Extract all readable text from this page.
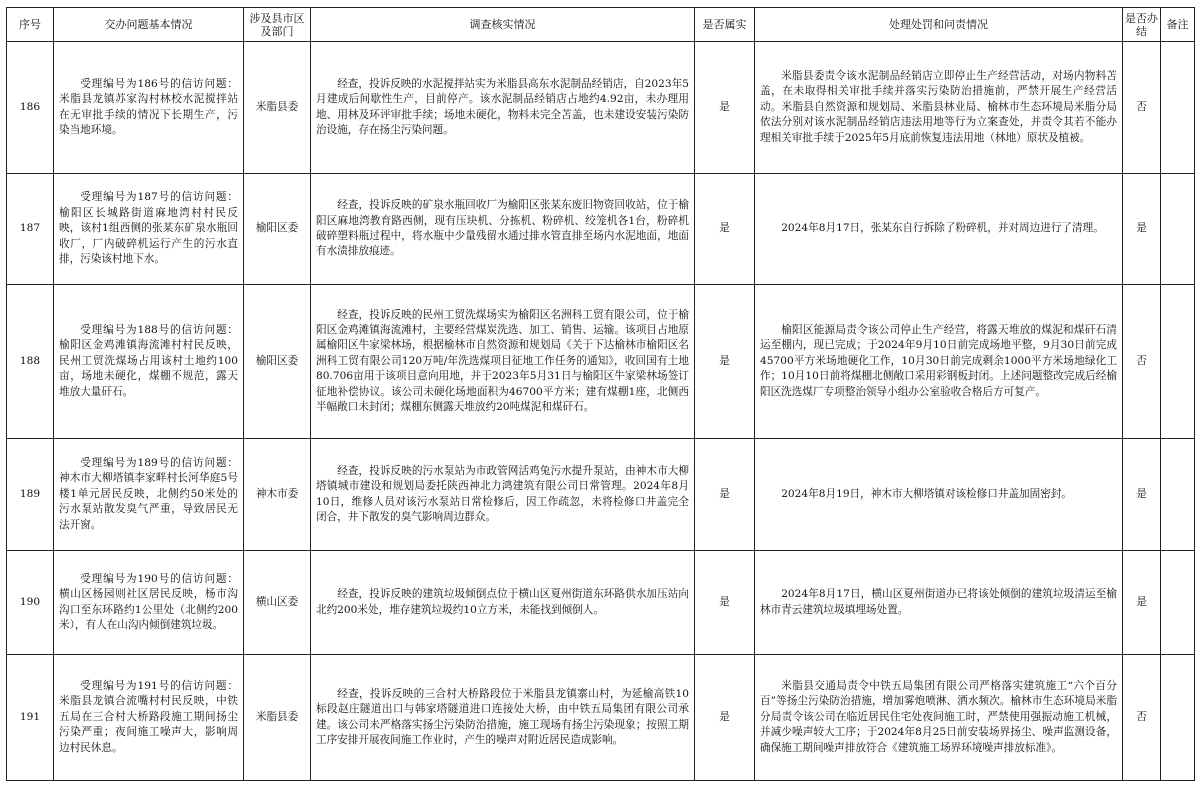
序号	交办问题基本情况	涉及县市区及部门	调查核实情况	是否属实	处理处罚和问责情况	是否办结	备注
186	受理编号为186号的信访问题：米脂县龙镇苏家沟村林校水泥搅拌站在无审批手续的情况下长期生产，污染当地环境。	米脂县委	经查，投诉反映的水泥搅拌站实为米脂县高东水泥制品经销店，自2023年5月建成后间歇性生产，目前停产。该水泥制品经销店占地约4.92亩，未办理用地、用林及环评审批手续；场地未硬化，物料未完全苫盖，也未建设安装污染防治设施，存在扬尘污染问题。	是	米脂县委责令该水泥制品经销店立即停止生产经营活动，对场内物料苫盖，在未取得相关审批手续并落实污染防治措施前，严禁开展生产经营活动。米脂县自然资源和规划局、米脂县林业局、榆林市生态环境局米脂分局依法分别对该水泥制品经销店违法用地等行为立案查处，并责令其若不能办理相关审批手续于2025年5月底前恢复违法用地（林地）原状及植被。	否	
187	受理编号为187号的信访问题：榆阳区长城路街道麻地湾村村民反映，该村1组西侧的张某东矿泉水瓶回收厂，厂内破碎机运行产生的污水直排，污染该村地下水。	榆阳区委	经查，投诉反映的矿泉水瓶回收厂为榆阳区张某东废旧物资回收站，位于榆阳区麻地湾教育路西侧，现有压块机、分拣机、粉碎机、绞笼机各1台，粉碎机破碎塑料瓶过程中，将水瓶中少量残留水通过排水管直排至场内水泥地面，地面有水渍排放痕迹。	是	2024年8月17日，张某东自行拆除了粉碎机，并对周边进行了清理。	是	
188	受理编号为188号的信访问题：榆阳区金鸡滩镇海流滩村村民反映，民州工贸洗煤场占用该村土地约100亩，场地未硬化，煤棚不规范，露天堆放大量矸石。	榆阳区委	经查，投诉反映的民州工贸洗煤场实为榆阳区名洲科工贸有限公司，位于榆阳区金鸡滩镇海流滩村，主要经营煤炭洗选、加工、销售、运输。该项目占地原属榆阳区牛家梁林场，根据榆林市自然资源和规划局《关于下达榆林市榆阳区名洲科工贸有限公司120万吨/年洗选煤项目征地工作任务的通知》，收回国有土地80.706亩用于该项目意向用地，并于2023年5月31日与榆阳区牛家梁林场签订征地补偿协议。该公司未硬化场地面积为46700平方米；建有煤棚1座，北侧西半幅敞口未封闭；煤棚东侧露天堆放约20吨煤泥和煤矸石。	是	榆阳区能源局责令该公司停止生产经营，将露天堆放的煤泥和煤矸石清运至棚内，现已完成；于2024年9月10日前完成场地平整，9月30日前完成45700平方米场地硬化工作，10月30日前完成剩余1000平方米场地绿化工作；10月10日前将煤棚北侧敞口采用彩钢板封闭。上述问题整改完成后经榆阳区洗选煤厂专项整治领导小组办公室验收合格后方可复产。	否	
189	受理编号为189号的信访问题：神木市大柳塔镇李家畔村长河华庭5号楼1单元居民反映，北侧约50米处的污水泵站散发臭气严重，导致居民无法开窗。	神木市委	经查，投诉反映的污水泵站为市政管网活鸡兔污水提升泵站，由神木市大柳塔镇城市建设和规划局委托陕西神北力鸿建筑有限公司日常管理。2024年8月10日，维修人员对该污水泵站日常检修后，因工作疏忽，未将检修口井盖完全闭合，井下散发的臭气影响周边群众。	是	2024年8月19日，神木市大柳塔镇对该检修口井盖加固密封。	是	
190	受理编号为190号的信访问题：横山区杨园则社区居民反映，杨市沟沟口至东环路约1公里处（北侧约200米），有人在山沟内倾倒建筑垃圾。	横山区委	经查，投诉反映的建筑垃圾倾倒点位于横山区夏州街道东环路供水加压站向北约200米处，堆存建筑垃圾约10立方米，未能找到倾倒人。	是	2024年8月17日，横山区夏州街道办已将该处倾倒的建筑垃圾清运至榆林市青云建筑垃圾填埋场处置。	是	
191	受理编号为191号的信访问题：米脂县龙镇合流嘴村村民反映，中铁五局在三合村大桥路段施工期间扬尘污染严重；夜间施工噪声大，影响周边村民休息。	米脂县委	经查，投诉反映的三合村大桥路段位于米脂县龙镇寨山村，为延榆高铁10标段赵庄隧道出口与韩家塔隧道进口连接处大桥，由中铁五局集团有限公司承建。该公司未严格落实扬尘污染防治措施，施工现场有扬尘污染现象；按照工期工序安排开展夜间施工作业时，产生的噪声对附近居民造成影响。	是	米脂县交通局责令中铁五局集团有限公司严格落实建筑施工“六个百分百”等扬尘污染防治措施，增加雾炮喷淋、洒水频次。榆林市生态环境局米脂分局责令该公司在临近居民住宅处夜间施工时，严禁使用强振动施工机械，并减少噪声较大工序；于2024年8月25日前安装场界扬尘、噪声监测设备，确保施工期间噪声排放符合《建筑施工场界环境噪声排放标准》。	否	
